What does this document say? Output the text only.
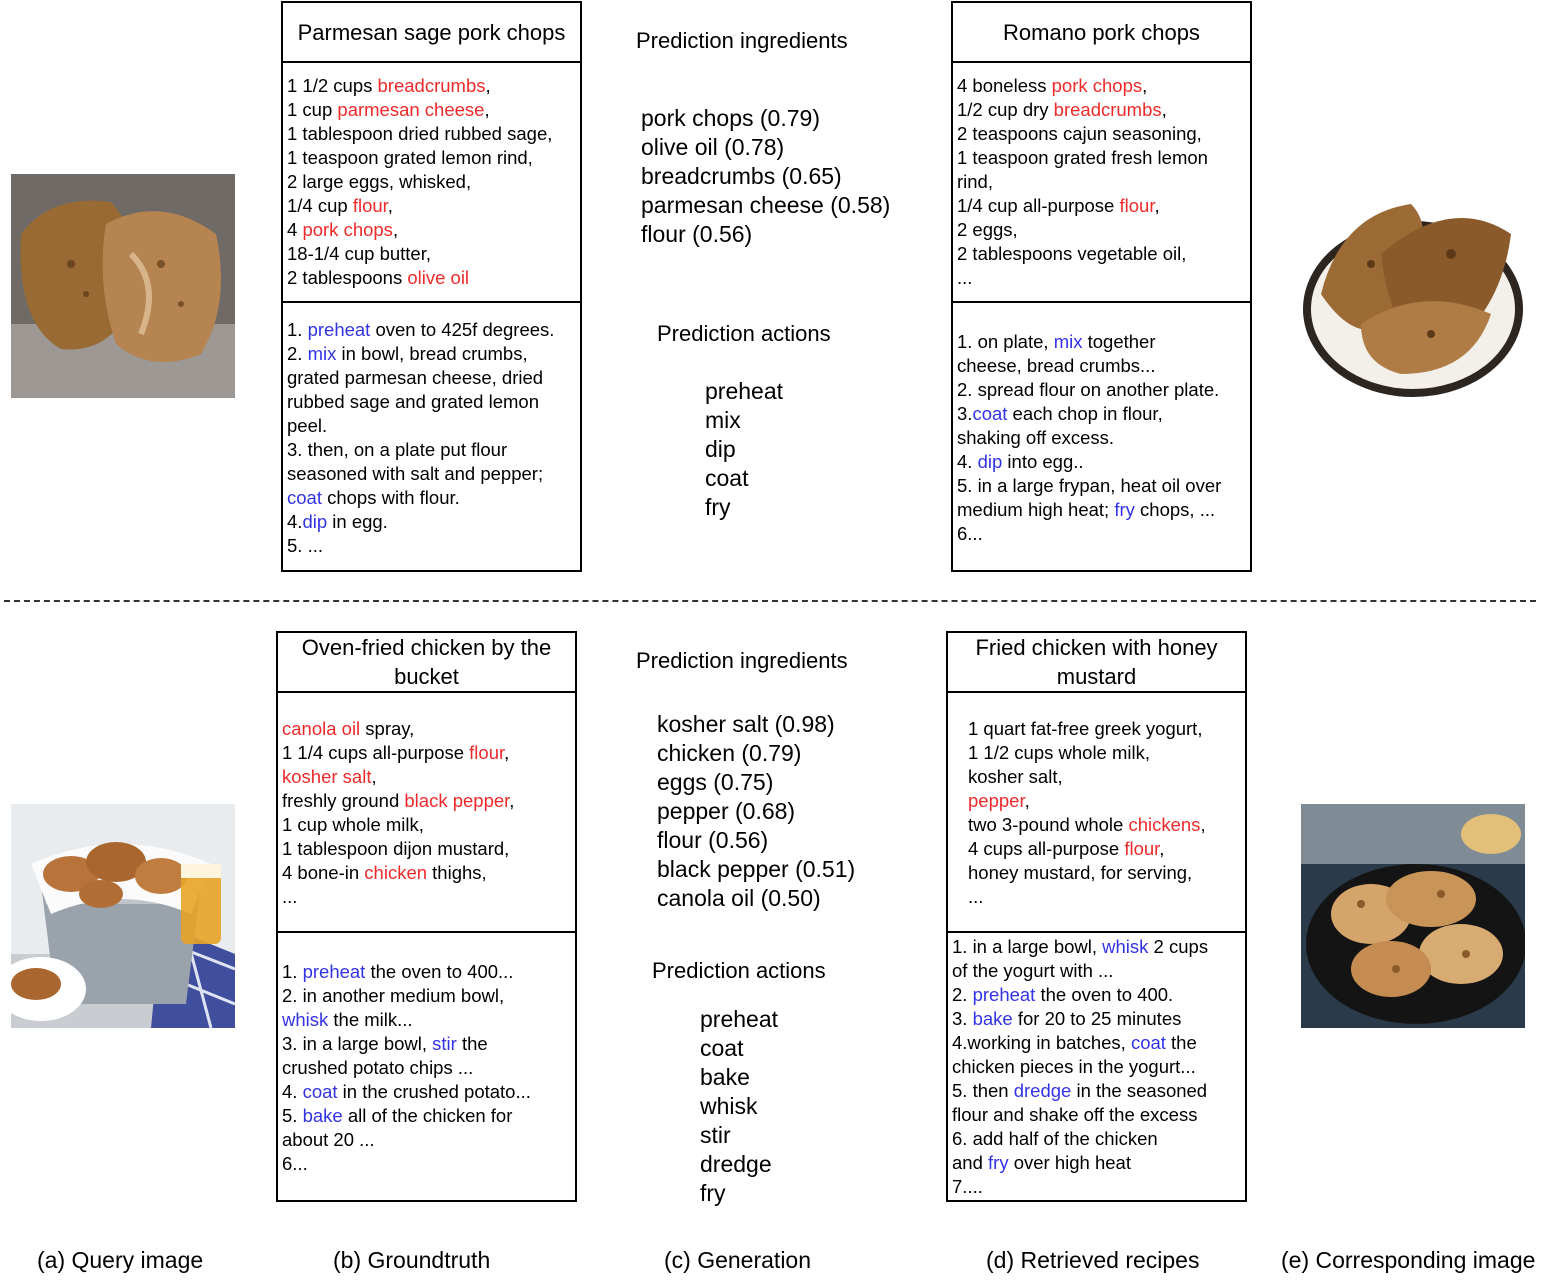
Parmesan sage pork chops
1 1/2 cups breadcrumbs,
1 cup parmesan cheese,
1 tablespoon dried rubbed sage,
1 teaspoon grated lemon rind,
2 large eggs, whisked,
1/4 cup flour,
4 pork chops,
18-1/4 cup butter,
2 tablespoons olive oil
1. preheat oven to 425f degrees.
2. mix in bowl, bread crumbs,
grated parmesan cheese, dried
rubbed sage and grated lemon
peel.
3. then, on a plate put flour
seasoned with salt and pepper;
coat chops with flour.
4.dip in egg.
5. ...
Prediction ingredients
pork chops (0.79)
olive oil (0.78)
breadcrumbs (0.65)
parmesan cheese (0.58)
flour (0.56)
Prediction actions
preheat
mix
dip
coat
fry
Romano pork chops
4 boneless pork chops,
1/2 cup dry breadcrumbs,
2 teaspoons cajun seasoning,
1 teaspoon grated fresh lemon
rind,
1/4 cup all-purpose flour,
2 eggs,
2 tablespoons vegetable oil,
...
1. on plate, mix together
cheese, bread crumbs...
2. spread flour on another plate.
3.coat each chop in flour,
shaking off excess.
4. dip into egg..
5. in a large frypan, heat oil over
medium high heat; fry chops, ...
6...
Oven-fried chicken by the bucket
canola oil spray,
1 1/4 cups all-purpose flour,
kosher salt,
freshly ground black pepper,
1 cup whole milk,
1 tablespoon dijon mustard,
4 bone-in chicken thighs,
...
1. preheat the oven to 400...
2. in another medium bowl,
whisk the milk...
3. in a large bowl, stir the
crushed potato chips ...
4. coat in the crushed potato...
5. bake all of the chicken for
about 20 ...
6...
Prediction ingredients
kosher salt (0.98)
chicken (0.79)
eggs (0.75)
pepper (0.68)
flour (0.56)
black pepper (0.51)
canola oil (0.50)
Prediction actions
preheat
coat
bake
whisk
stir
dredge
fry
Fried chicken with honey mustard
1 quart fat-free greek yogurt,
1 1/2 cups whole milk,
kosher salt,
pepper,
two 3-pound whole chickens,
4 cups all-purpose flour,
honey mustard, for serving,
...
1. in a large bowl, whisk 2 cups
of the yogurt with ...
2. preheat the oven to 400.
3. bake for 20 to 25 minutes
4.working in batches, coat the
chicken pieces in the yogurt...
5. then dredge in the seasoned
flour and shake off the excess
6. add half of the chicken
and fry over high heat
7....
(a) Query image	(b) Groundtruth	(c) Generation	(d) Retrieved recipes	(e) Corresponding image
